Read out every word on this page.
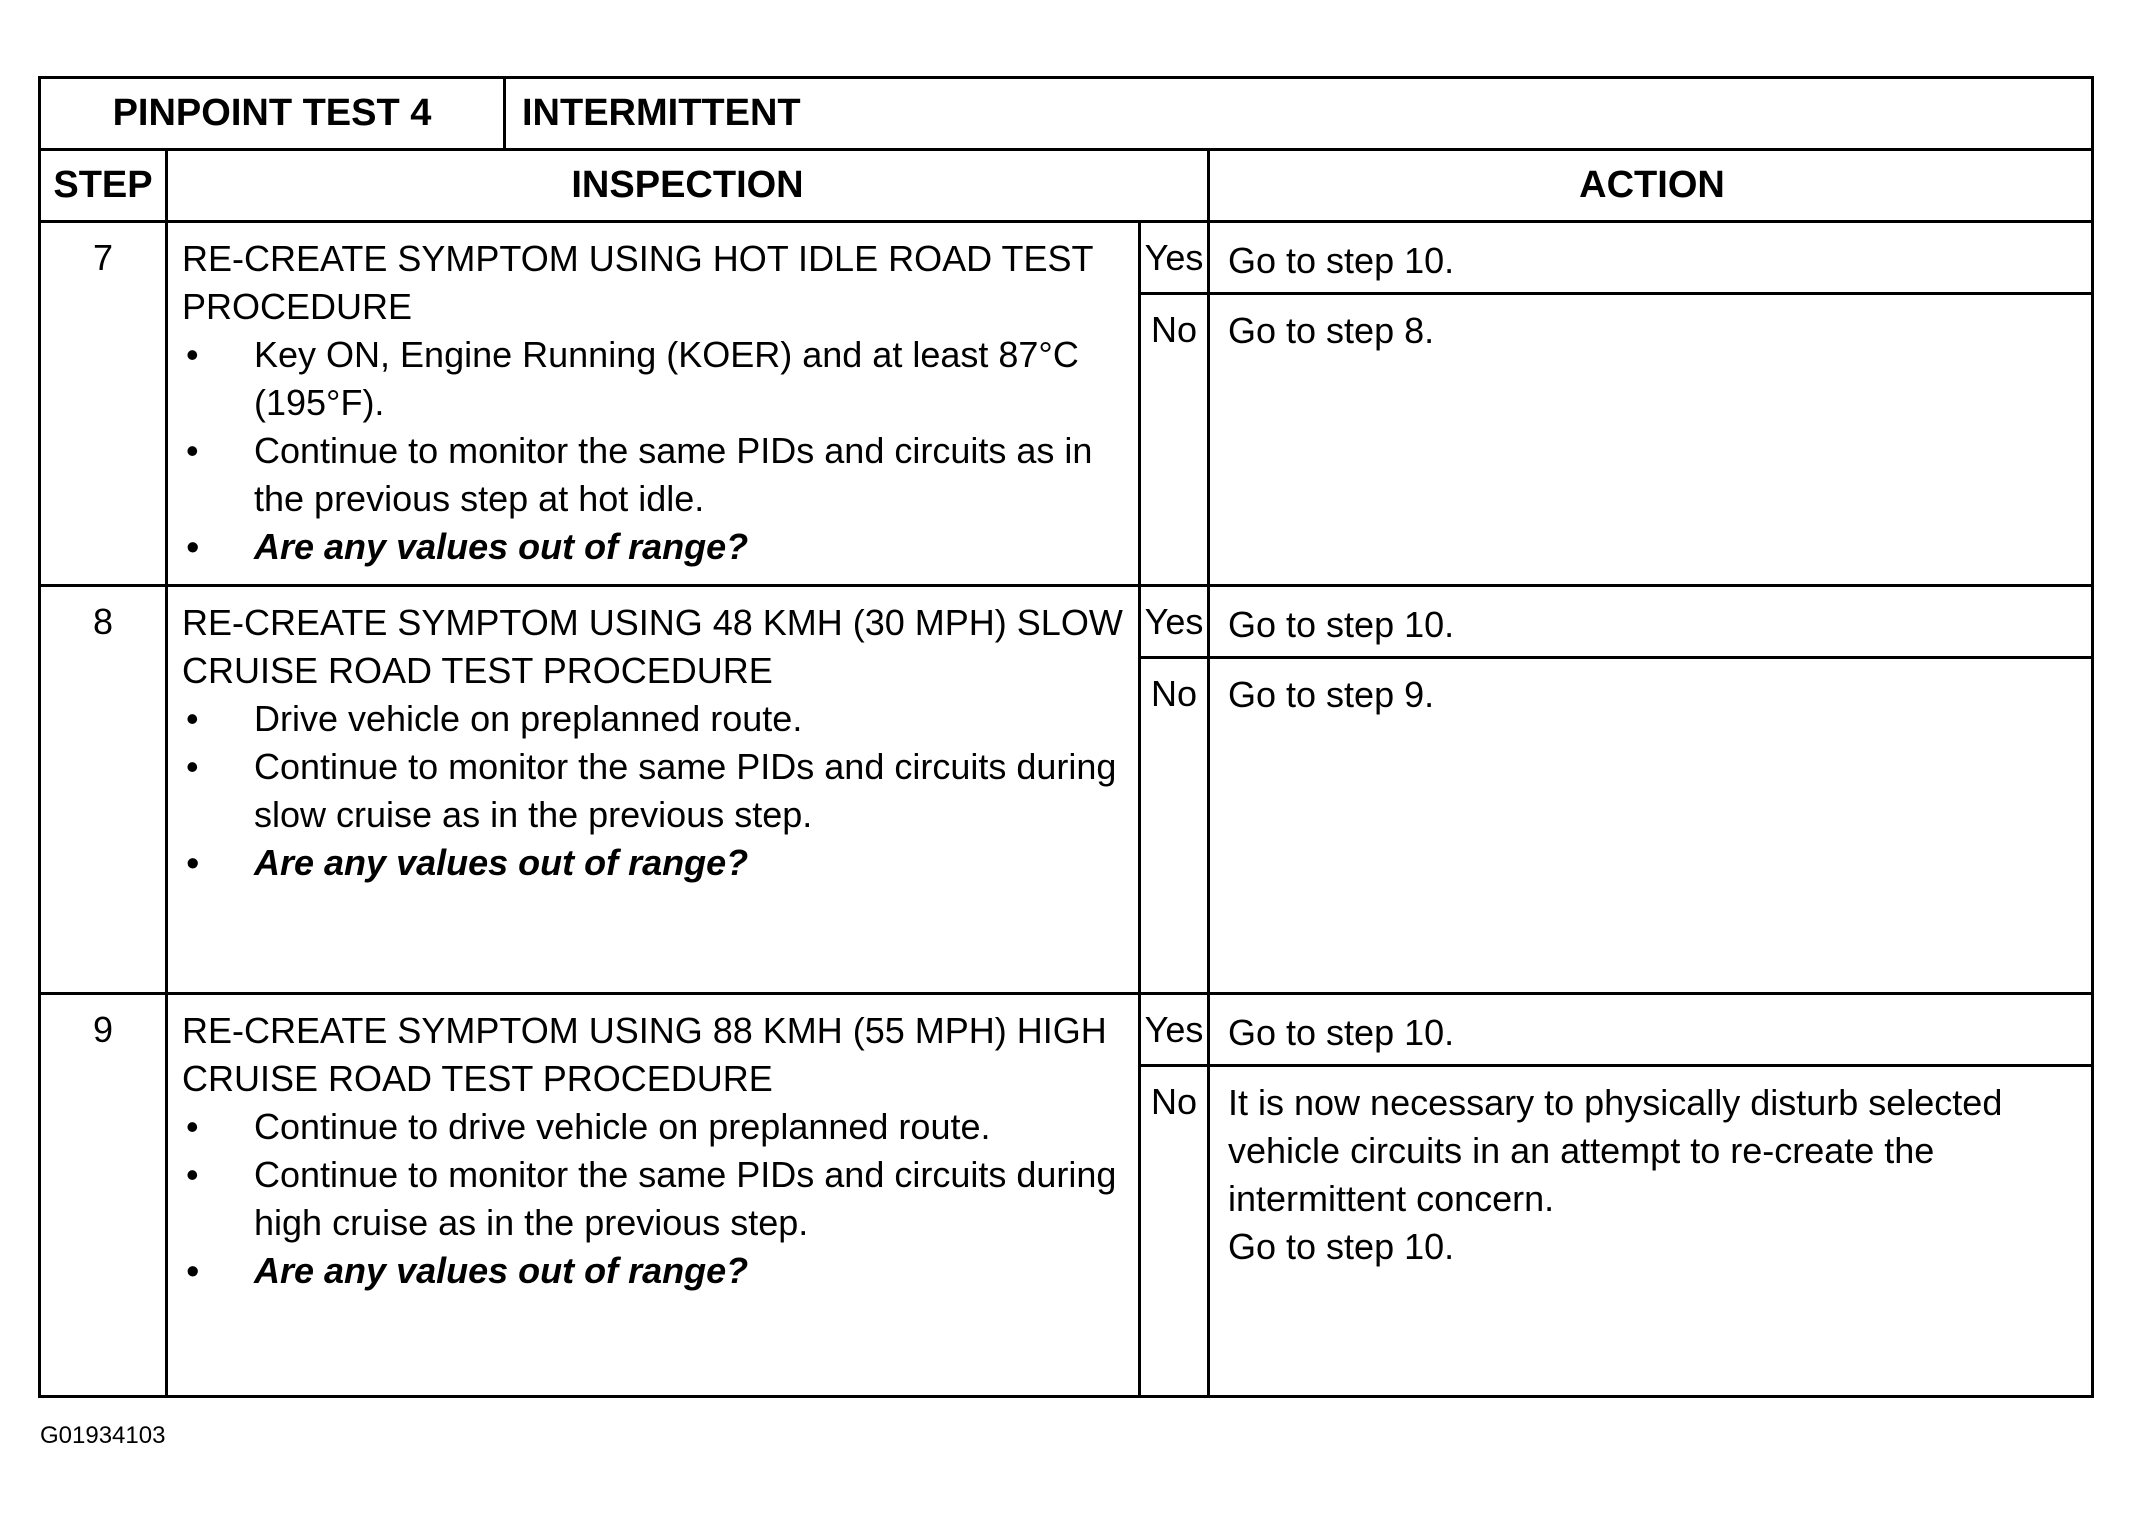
PINPOINT TEST 4	INTERMITTENT
STEP	INSPECTION	ACTION
7	RE-CREATE SYMPTOM USING HOT IDLE ROAD TEST PROCEDURE
• Key ON, Engine Running (KOER) and at least 87°C (195°F).
• Continue to monitor the same PIDs and circuits as in the previous step at hot idle.
• Are any values out of range?
Yes Go to step 10.
No Go to step 8.
8	RE-CREATE SYMPTOM USING 48 KMH (30 MPH) SLOW CRUISE ROAD TEST PROCEDURE
• Drive vehicle on preplanned route.
• Continue to monitor the same PIDs and circuits during slow cruise as in the previous step.
• Are any values out of range?
Yes Go to step 10.
No Go to step 9.
9	RE-CREATE SYMPTOM USING 88 KMH (55 MPH) HIGH CRUISE ROAD TEST PROCEDURE
• Continue to drive vehicle on preplanned route.
• Continue to monitor the same PIDs and circuits during high cruise as in the previous step.
• Are any values out of range?
Yes Go to step 10.
No It is now necessary to physically disturb selected vehicle circuits in an attempt to re-create the intermittent concern.
Go to step 10.
G01934103
